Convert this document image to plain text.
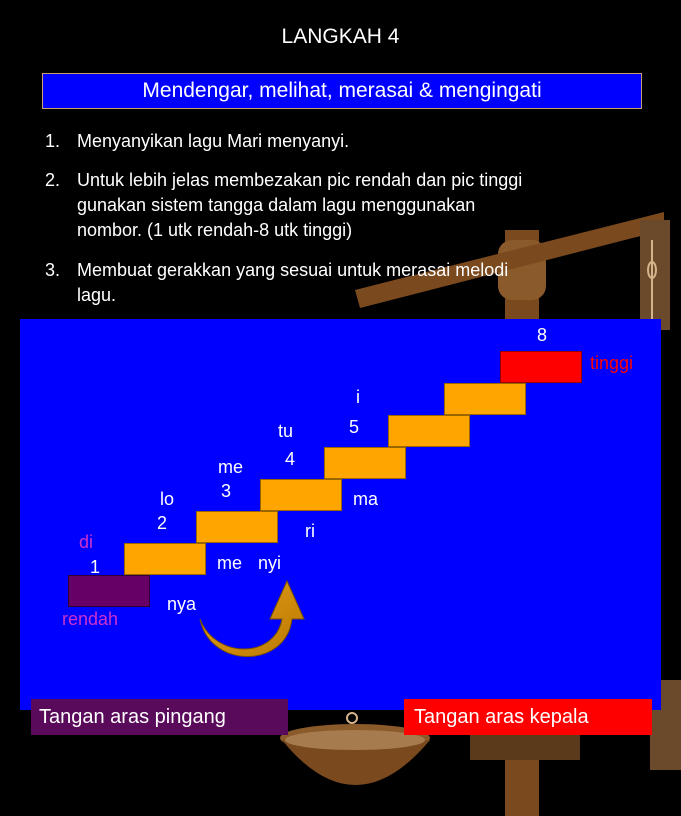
LANGKAH 4
Mendengar, melihat, merasai & mengingati
1. Menyanyikan lagu Mari menyanyi.
2. Untuk lebih jelas membezakan pic rendah dan pic tinggi
gunakan sistem tangga dalam lagu menggunakan
nombor. (1 utk rendah-8 utk tinggi)
3. Membuat gerakkan yang sesuai untuk merasai melodi
lagu.
1
2
3
4
5
8
di
lo
me
tu
i
nya
me nyi
ri
ma
rendah
tinggi
Tangan aras pingang	Tangan aras kepala
